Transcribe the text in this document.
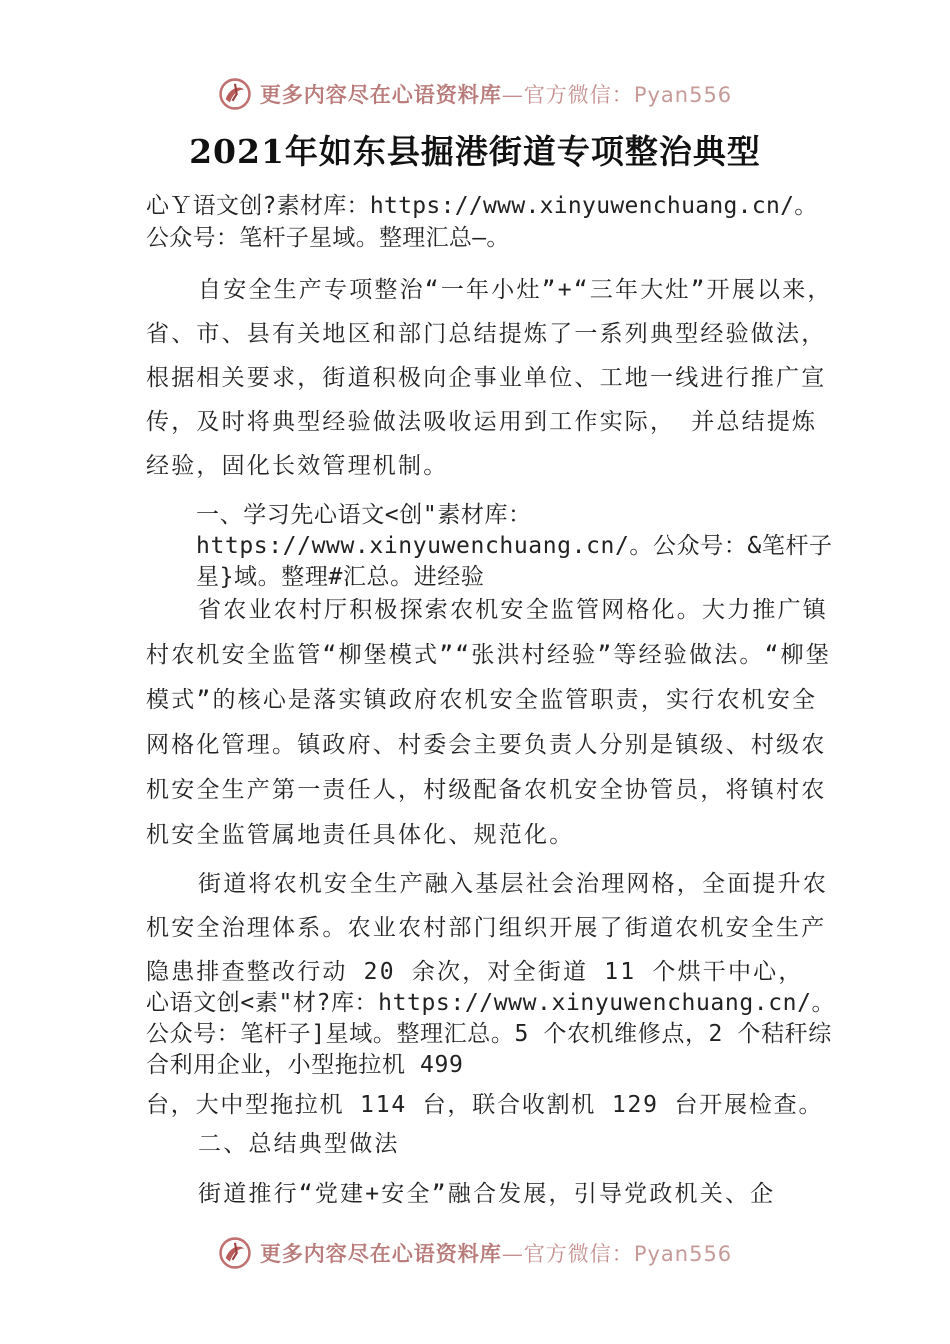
更多内容尽在心语资料库—官方微信：Pyan556
2021年如东县掘港街道专项整治典型

心Ｙ语文创?素材库：https://www.xinyuwenchuang.cn/。公众号：笔杆子星域。整理汇总—。

自安全生产专项整治“一年小灶”+“三年大灶”开展以来，省、市、县有关地区和部门总结提炼了一系列典型经验做法，根据相关要求，街道积极向企事业单位、工地一线进行推广宣传，及时将典型经验做法吸收运用到工作实际， 并总结提炼经验，固化长效管理机制。

一、学习先心语文<创"素材库：https://www.xinyuwenchuang.cn/。公众号：&笔杆子星}域。整理#汇总。进经验

省农业农村厅积极探索农机安全监管网格化。大力推广镇村农机安全监管“柳堡模式”“张洪村经验”等经验做法。“柳堡模式”的核心是落实镇政府农机安全监管职责，实行农机安全网格化管理。镇政府、村委会主要负责人分别是镇级、村级农机安全生产第一责任人，村级配备农机安全协管员，将镇村农机安全监管属地责任具体化、规范化。

街道将农机安全生产融入基层社会治理网格，全面提升农机安全治理体系。农业农村部门组织开展了街道农机安全生产隐患排查整改行动 20 余次，对全街道 11 个烘干中心，

心语文创<素"材?库：https://www.xinyuwenchuang.cn/。公众号：笔杆子]星域。整理汇总。5 个农机维修点，2 个秸秆综合利用企业，小型拖拉机 499

台，大中型拖拉机 114 台，联合收割机 129 台开展检查。

二、总结典型做法

街道推行“党建+安全”融合发展，引导党政机关、企

更多内容尽在心语资料库—官方微信：Pyan556
